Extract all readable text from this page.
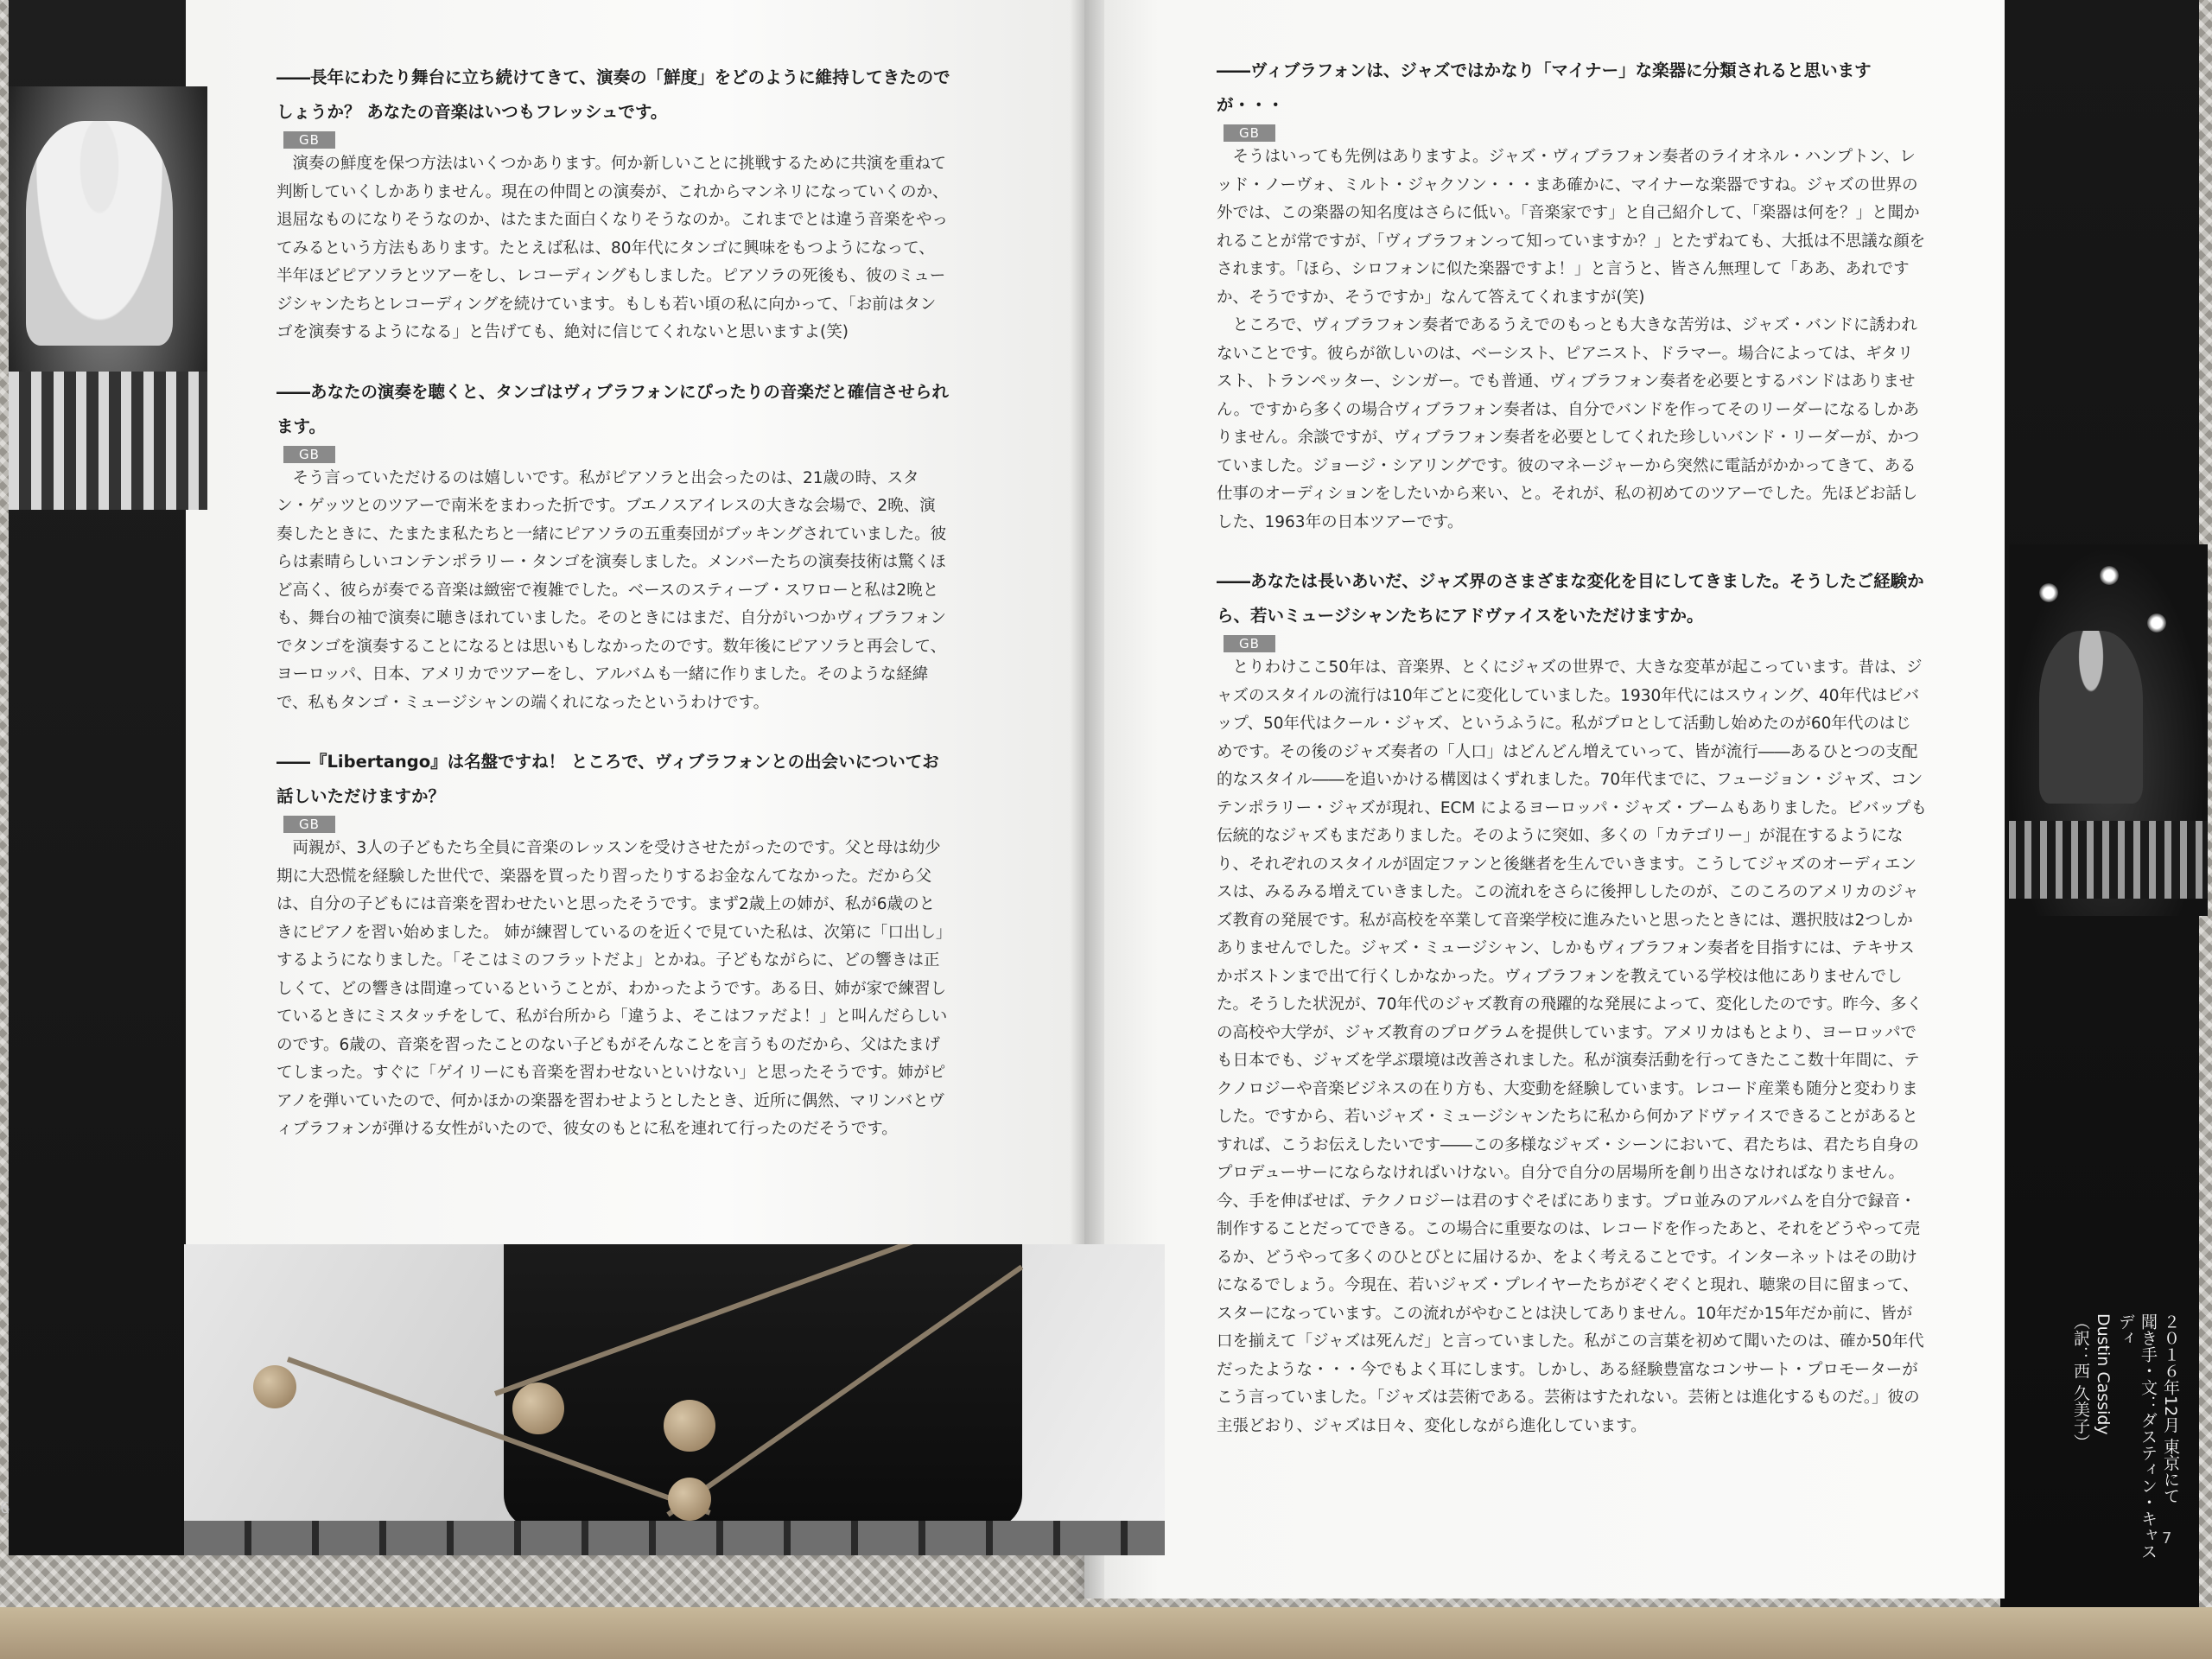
――長年にわたり舞台に立ち続けてきて、演奏の「鮮度」をどのように維持してきたのでしょうか？ あなたの音楽はいつもフレッシュです。

GB

演奏の鮮度を保つ方法はいくつかあります。何か新しいことに挑戦するために共演を重ねて判断していくしかありません。現在の仲間との演奏が、これからマンネリになっていくのか、退屈なものになりそうなのか、はたまた面白くなりそうなのか。これまでとは違う音楽をやってみるという方法もあります。たとえば私は、80年代にタンゴに興味をもつようになって、半年ほどピアソラとツアーをし、レコーディングもしました。ピアソラの死後も、彼のミュージシャンたちとレコーディングを続けています。もしも若い頃の私に向かって、「お前はタンゴを演奏するようになる」と告げても、絶対に信じてくれないと思いますよ(笑)

――あなたの演奏を聴くと、タンゴはヴィブラフォンにぴったりの音楽だと確信させられます。

GB

そう言っていただけるのは嬉しいです。私がピアソラと出会ったのは、21歳の時、スタン・ゲッツとのツアーで南米をまわった折です。ブエノスアイレスの大きな会場で、2晩、演奏したときに、たまたま私たちと一緒にピアソラの五重奏団がブッキングされていました。彼らは素晴らしいコンテンポラリー・タンゴを演奏しました。メンバーたちの演奏技術は驚くほど高く、彼らが奏でる音楽は緻密で複雑でした。ベースのスティーブ・スワローと私は2晩とも、舞台の袖で演奏に聴きほれていました。そのときにはまだ、自分がいつかヴィブラフォンでタンゴを演奏することになるとは思いもしなかったのです。数年後にピアソラと再会して、ヨーロッパ、日本、アメリカでツアーをし、アルバムも一緒に作りました。そのような経緯で、私もタンゴ・ミュージシャンの端くれになったというわけです。

――『Libertango』は名盤ですね！ ところで、ヴィブラフォンとの出会いについてお話しいただけますか？

GB

両親が、3人の子どもたち全員に音楽のレッスンを受けさせたがったのです。父と母は幼少期に大恐慌を経験した世代で、楽器を買ったり習ったりするお金なんてなかった。だから父は、自分の子どもには音楽を習わせたいと思ったそうです。まず2歳上の姉が、私が6歳のときにピアノを習い始めました。 姉が練習しているのを近くで見ていた私は、次第に「口出し」するようになりました。「そこはミのフラットだよ」とかね。子どもながらに、どの響きは正しくて、どの響きは間違っているということが、わかったようです。ある日、姉が家で練習しているときにミスタッチをして、私が台所から「違うよ、そこはファだよ！」と叫んだらしいのです。6歳の、音楽を習ったことのない子どもがそんなことを言うものだから、父はたまげてしまった。すぐに「ゲイリーにも音楽を習わせないといけない」と思ったそうです。姉がピアノを弾いていたので、何かほかの楽器を習わせようとしたとき、近所に偶然、マリンバとヴィブラフォンが弾ける女性がいたので、彼女のもとに私を連れて行ったのだそうです。

――ヴィブラフォンは、ジャズではかなり「マイナー」な楽器に分類されると思いますが・・・

GB

そうはいっても先例はありますよ。ジャズ・ヴィブラフォン奏者のライオネル・ハンプトン、レッド・ノーヴォ、ミルト・ジャクソン・・・まあ確かに、マイナーな楽器ですね。ジャズの世界の外では、この楽器の知名度はさらに低い。「音楽家です」と自己紹介して、「楽器は何を？」と聞かれることが常ですが、「ヴィブラフォンって知っていますか？」とたずねても、大抵は不思議な顔をされます。「ほら、シロフォンに似た楽器ですよ！」と言うと、皆さん無理して「ああ、あれですか、そうですか、そうですか」なんて答えてくれますが(笑)

ところで、ヴィブラフォン奏者であるうえでのもっとも大きな苦労は、ジャズ・バンドに誘われないことです。彼らが欲しいのは、ベーシスト、ピアニスト、ドラマー。場合によっては、ギタリスト、トランペッター、シンガー。でも普通、ヴィブラフォン奏者を必要とするバンドはありません。ですから多くの場合ヴィブラフォン奏者は、自分でバンドを作ってそのリーダーになるしかありません。余談ですが、ヴィブラフォン奏者を必要としてくれた珍しいバンド・リーダーが、かつていました。ジョージ・シアリングです。彼のマネージャーから突然に電話がかかってきて、ある仕事のオーディションをしたいから来い、と。それが、私の初めてのツアーでした。先ほどお話しした、1963年の日本ツアーです。

――あなたは長いあいだ、ジャズ界のさまざまな変化を目にしてきました。そうしたご経験から、若いミュージシャンたちにアドヴァイスをいただけますか。

GB

とりわけここ50年は、音楽界、とくにジャズの世界で、大きな変革が起こっています。昔は、ジャズのスタイルの流行は10年ごとに変化していました。1930年代にはスウィング、40年代はビバップ、50年代はクール・ジャズ、というふうに。私がプロとして活動し始めたのが60年代のはじめです。その後のジャズ奏者の「人口」はどんどん増えていって、皆が流行――あるひとつの支配的なスタイル――を追いかける構図はくずれました。70年代までに、フュージョン・ジャズ、コンテンポラリー・ジャズが現れ、ECM によるヨーロッパ・ジャズ・ブームもありました。ビバップも伝統的なジャズもまだありました。そのように突如、多くの「カテゴリー」が混在するようになり、それぞれのスタイルが固定ファンと後継者を生んでいきます。こうしてジャズのオーディエンスは、みるみる増えていきました。この流れをさらに後押ししたのが、このころのアメリカのジャズ教育の発展です。私が高校を卒業して音楽学校に進みたいと思ったときには、選択肢は2つしかありませんでした。ジャズ・ミュージシャン、しかもヴィブラフォン奏者を目指すには、テキサスかボストンまで出て行くしかなかった。ヴィブラフォンを教えている学校は他にありませんでした。そうした状況が、70年代のジャズ教育の飛躍的な発展によって、変化したのです。昨今、多くの高校や大学が、ジャズ教育のプログラムを提供しています。アメリカはもとより、ヨーロッパでも日本でも、ジャズを学ぶ環境は改善されました。私が演奏活動を行ってきたここ数十年間に、テクノロジーや音楽ビジネスの在り方も、大変動を経験しています。レコード産業も随分と変わりました。ですから、若いジャズ・ミュージシャンたちに私から何かアドヴァイスできることがあるとすれば、こうお伝えしたいです――この多様なジャズ・シーンにおいて、君たちは、君たち自身のプロデューサーにならなければいけない。自分で自分の居場所を創り出さなければなりません。今、手を伸ばせば、テクノロジーは君のすぐそばにあります。プロ並みのアルバムを自分で録音・制作することだってできる。この場合に重要なのは、レコードを作ったあと、それをどうやって売るか、どうやって多くのひとびとに届けるか、をよく考えることです。インターネットはその助けになるでしょう。今現在、若いジャズ・プレイヤーたちがぞくぞくと現れ、聴衆の目に留まって、スターになっています。この流れがやむことは決してありません。10年だか15年だか前に、皆が口を揃えて「ジャズは死んだ」と言っていました。私がこの言葉を初めて聞いたのは、確か50年代だったような・・・今でもよく耳にします。しかし、ある経験豊富なコンサート・プロモーターがこう言っていました。「ジャズは芸術である。芸術はすたれない。芸術とは進化するものだ。」彼の主張どおり、ジャズは日々、変化しながら進化しています。

6
7
２０１６年12月 東京にて
聞き手・文：ダスティン・キャスディ
Dustin Cassidy
（訳：西 久美子）
